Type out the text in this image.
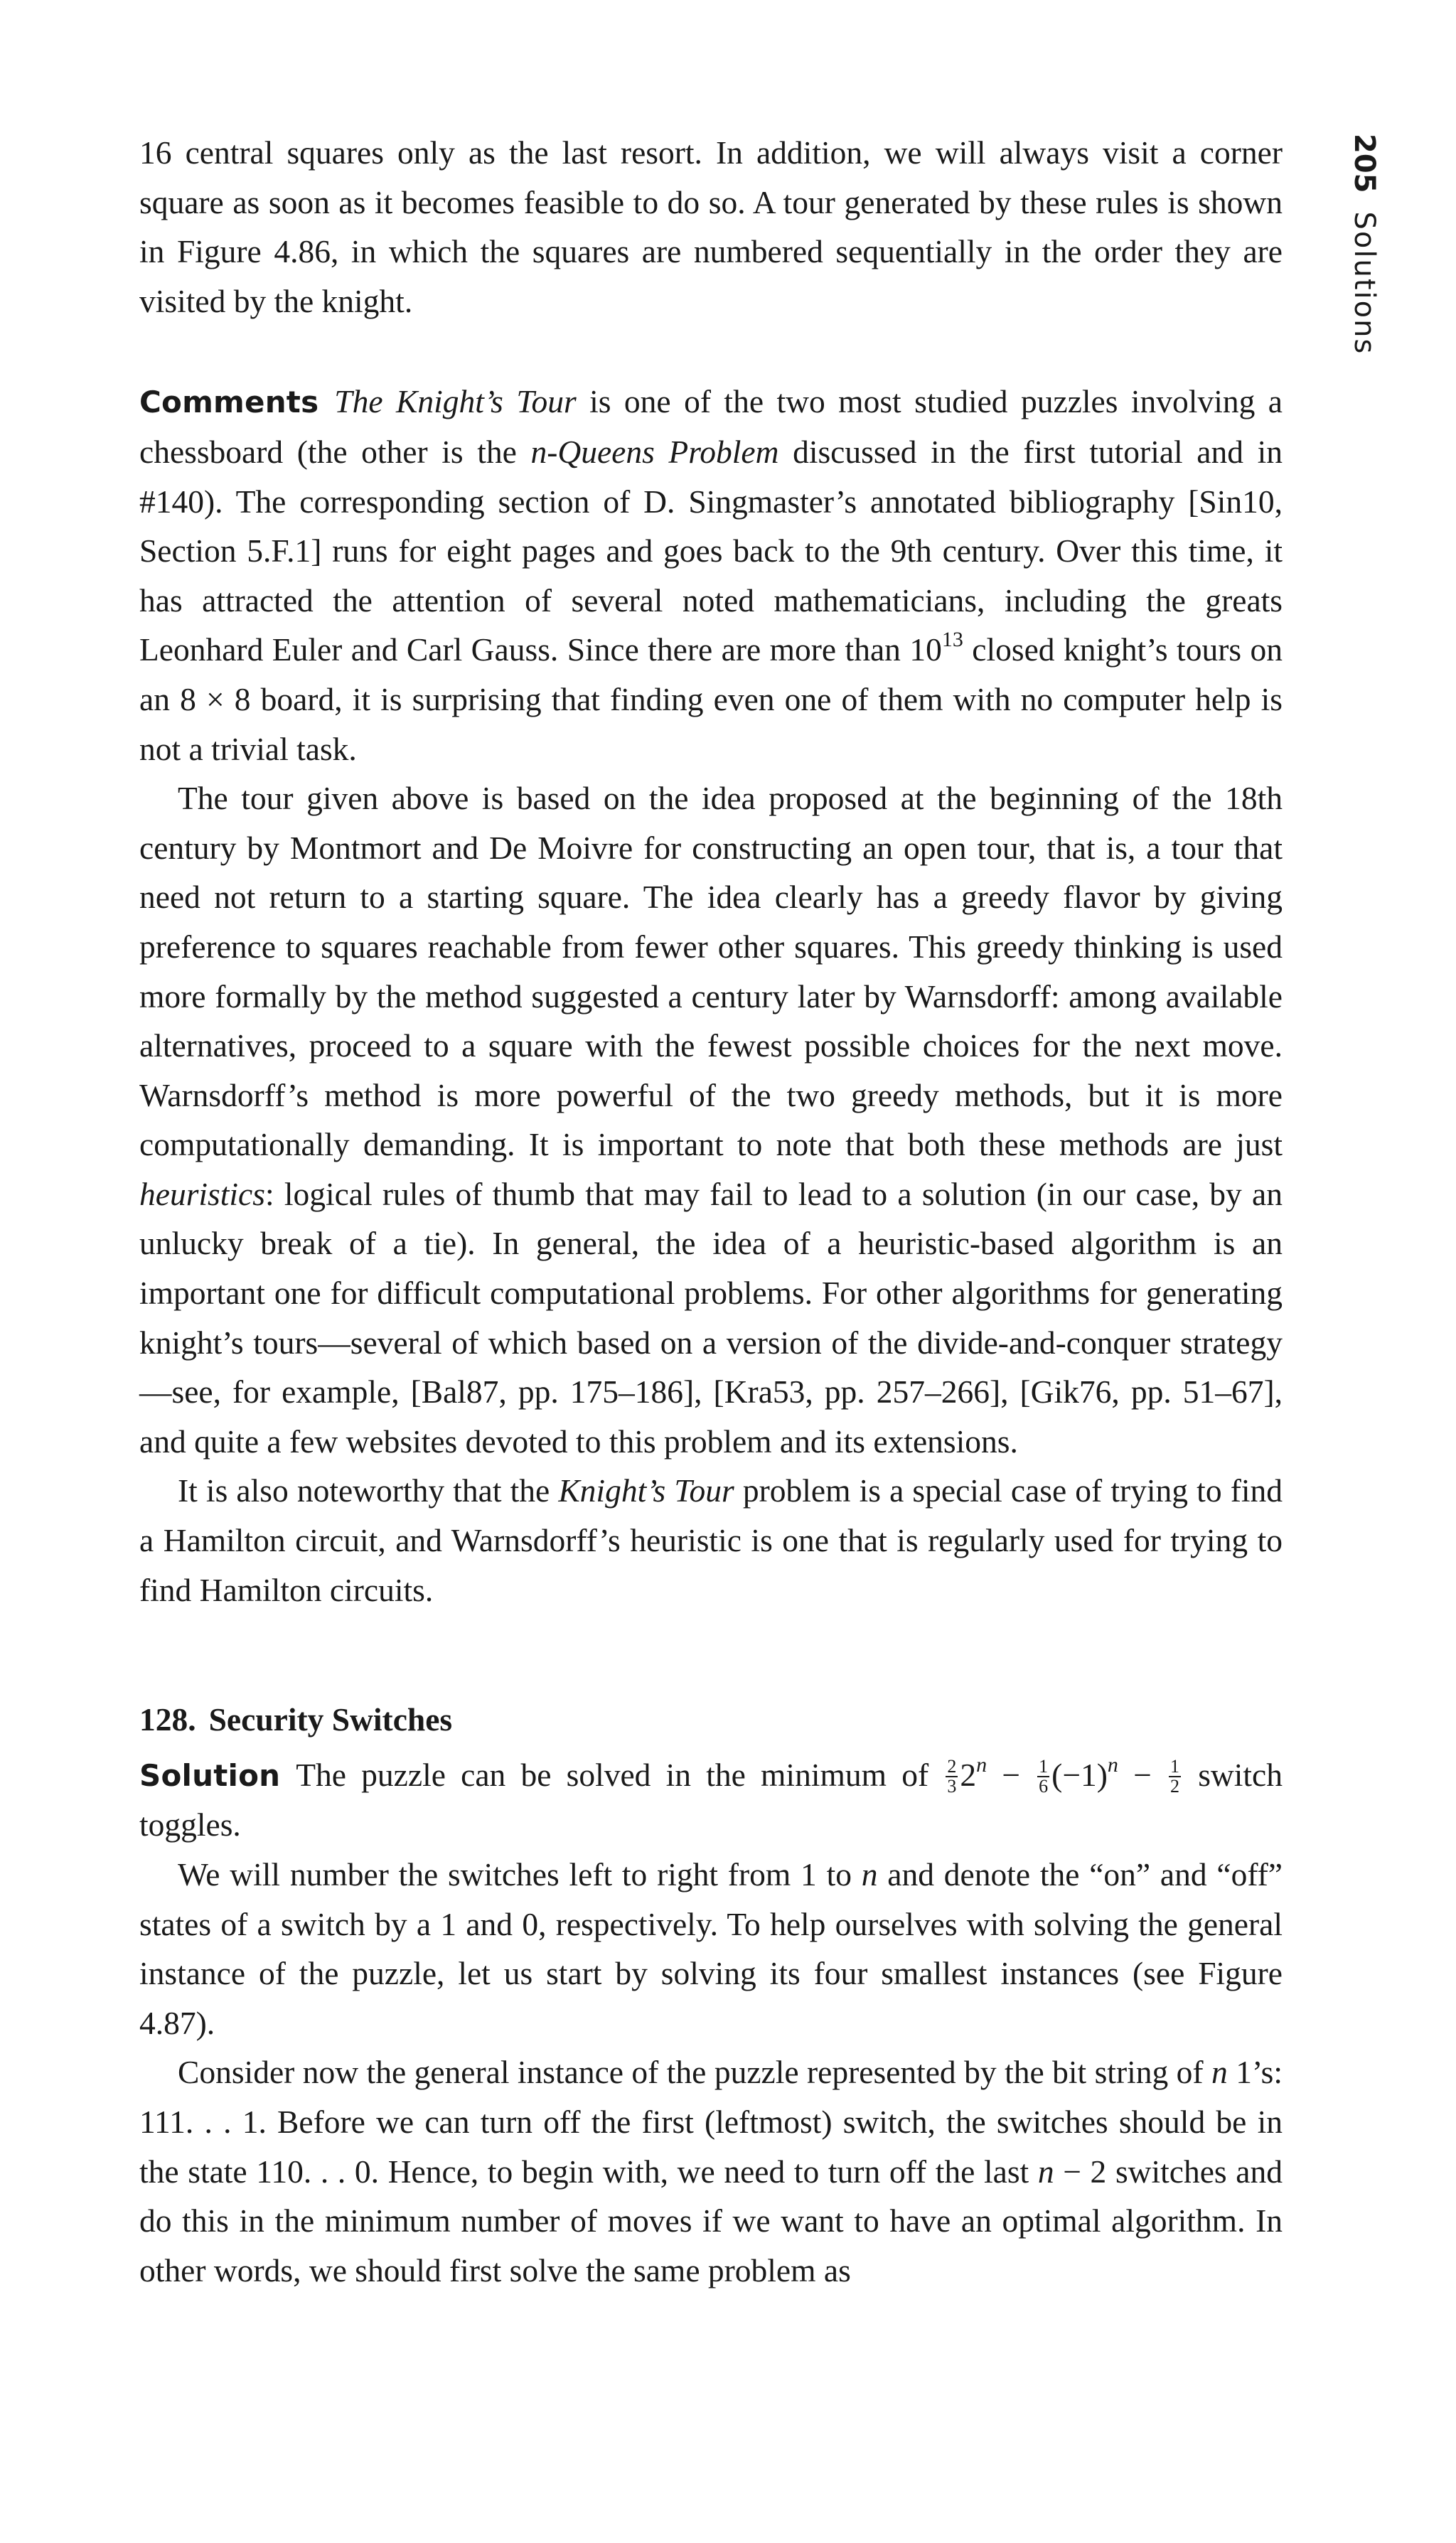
205Solutions

16 central squares only as the last resort. In addition, we will always visit a corner square as soon as it becomes feasible to do so. A tour generated by these rules is shown in Figure 4.86, in which the squares are numbered sequentially in the order they are visited by the knight.

Comments The Knight’s Tour is one of the two most studied puzzles involving a chessboard (the other is the n-Queens Problem discussed in the first tutorial and in #140). The corresponding section of D. Singmaster’s annotated bibliography [Sin10, Section 5.F.1] runs for eight pages and goes back to the 9th century. Over this time, it has attracted the attention of several noted mathematicians, including the greats Leonhard Euler and Carl Gauss. Since there are more than $10^{13}$ closed knight’s tours on an 8 × 8 board, it is surprising that finding even one of them with no computer help is not a trivial task.

The tour given above is based on the idea proposed at the beginning of the 18th century by Montmort and De Moivre for constructing an open tour, that is, a tour that need not return to a starting square. The idea clearly has a greedy flavor by giving preference to squares reachable from fewer other squares. This greedy thinking is used more formally by the method suggested a century later by Warnsdorff: among available alternatives, proceed to a square with the fewest possible choices for the next move. Warnsdorff’s method is more powerful of the two greedy methods, but it is more computationally demanding. It is important to note that both these methods are just heuristics: logical rules of thumb that may fail to lead to a solution (in our case, by an unlucky break of a tie). In general, the idea of a heuristic-based algorithm is an important one for difficult computational problems. For other algorithms for generating knight’s tours—several of which based on a version of the divide-and-conquer strategy—see, for example, [Bal87, pp. 175–186], [Kra53, pp. 257–266], [Gik76, pp. 51–67], and quite a few websites devoted to this problem and its extensions.

It is also noteworthy that the Knight’s Tour problem is a special case of trying to find a Hamilton circuit, and Warnsdorff’s heuristic is one that is regularly used for trying to find Hamilton circuits.

128. Security Switches

Solution The puzzle can be solved in the minimum of $\frac{2}{3} 2^n - \frac{1}{6} (-1)^n - \frac{1}{2}$ switch toggles.

We will number the switches left to right from 1 to n and denote the “on” and “off” states of a switch by a 1 and 0, respectively. To help ourselves with solving the general instance of the puzzle, let us start by solving its four smallest instances (see Figure 4.87).

Consider now the general instance of the puzzle represented by the bit string of n 1’s: 111. . . 1. Before we can turn off the first (leftmost) switch, the switches should be in the state 110. . . 0. Hence, to begin with, we need to turn off the last n − 2 switches and do this in the minimum number of moves if we want to have an optimal algorithm. In other words, we should first solve the same problem as
